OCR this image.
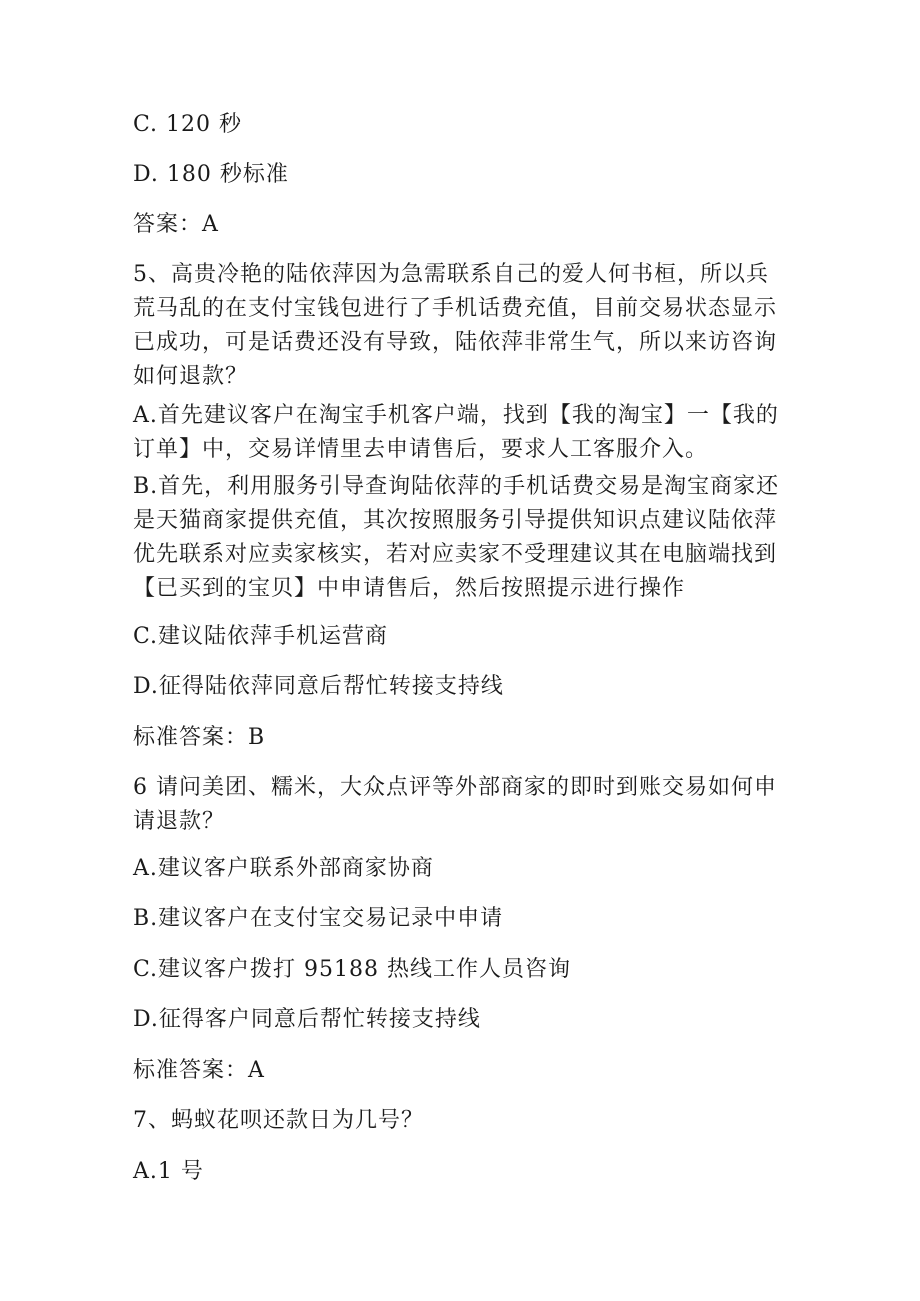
C. 120 秒
D. 180 秒标准
答案：A
5、高贵冷艳的陆依萍因为急需联系自己的爱人何书桓，所以兵
荒马乱的在支付宝钱包进行了手机话费充值，目前交易状态显示
已成功，可是话费还没有导致，陆依萍非常生气，所以来访咨询
如何退款？
A.首先建议客户在淘宝手机客户端，找到【我的淘宝】一【我的
订单】中，交易详情里去申请售后，要求人工客服介入。
B.首先，利用服务引导查询陆依萍的手机话费交易是淘宝商家还
是天猫商家提供充值，其次按照服务引导提供知识点建议陆依萍
优先联系对应卖家核实，若对应卖家不受理建议其在电脑端找到
【已买到的宝贝】中申请售后，然后按照提示进行操作
C.建议陆依萍手机运营商
D.征得陆依萍同意后帮忙转接支持线
标准答案：B
6 请问美团、糯米，大众点评等外部商家的即时到账交易如何申
请退款？
A.建议客户联系外部商家协商
B.建议客户在支付宝交易记录中申请
C.建议客户拨打 95188 热线工作人员咨询
D.征得客户同意后帮忙转接支持线
标准答案：A
7、蚂蚁花呗还款日为几号？
A.1 号
